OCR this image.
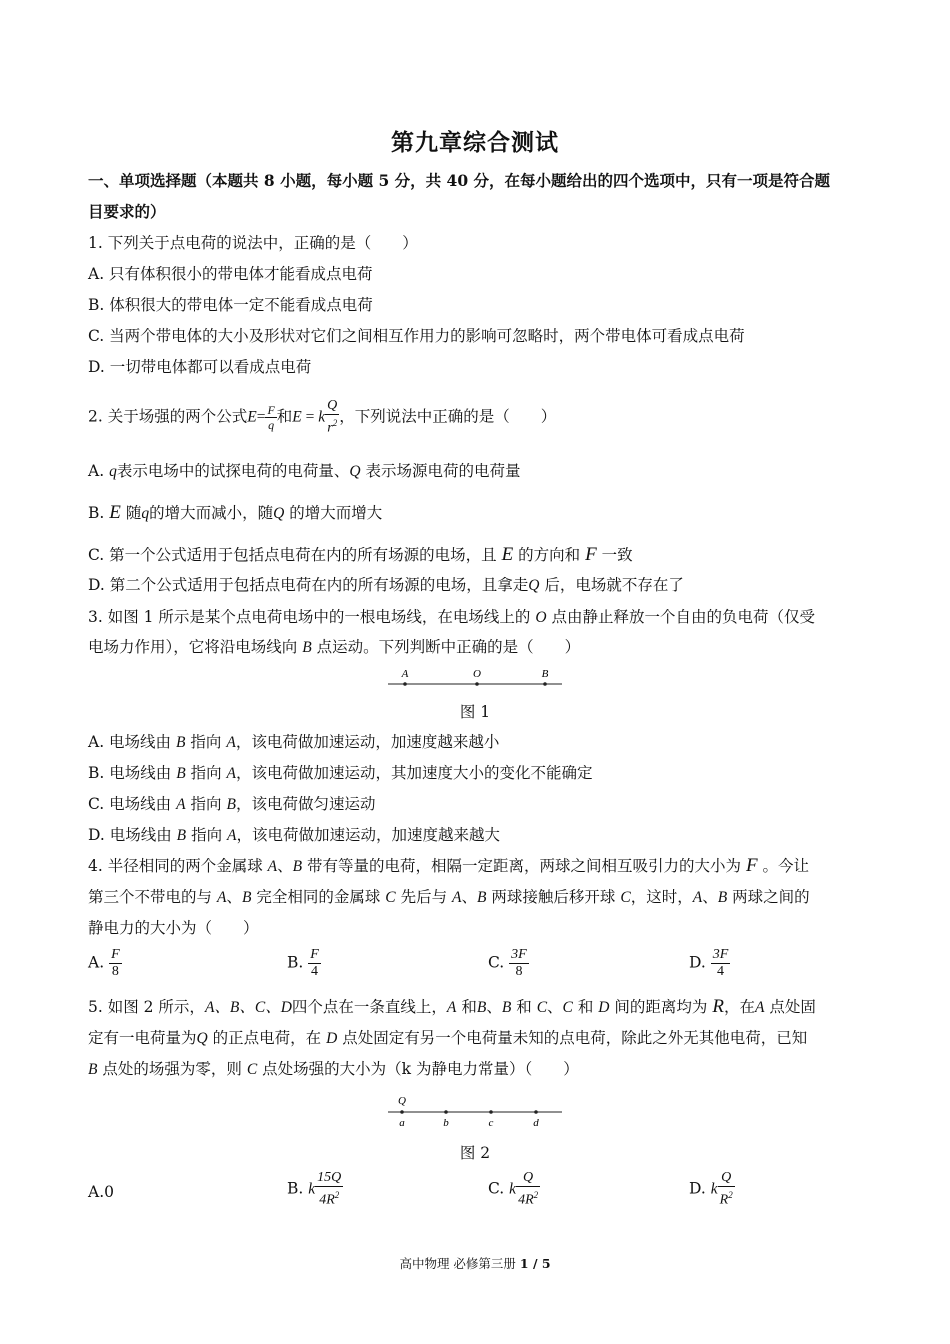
第九章综合测试
一、单项选择题（本题共 8 小题，每小题 5 分，共 40 分，在每小题给出的四个选项中，只有一项是符合题
目要求的）
1. 下列关于点电荷的说法中，正确的是（　　）
A. 只有体积很小的带电体才能看成点电荷
B. 体积很大的带电体一定不能看成点电荷
C. 当两个带电体的大小及形状对它们之间相互作用力的影响可忽略时，两个带电体可看成点电荷
D. 一切带电体都可以看成点电荷
2. 关于场强的两个公式$E= \frac{F}{q}$ 和E = k $\frac{Q}{r^2}$ ，下列说法中正确的是（　　）
A. q表示电场中的试探电荷的电荷量、Q 表示场源电荷的电荷量
B. E 随q的增大而减小，随Q 的增大而增大
C. 第一个公式适用于包括点电荷在内的所有场源的电场，且 E 的方向和 F 一致
D. 第二个公式适用于包括点电荷在内的所有场源的电场，且拿走Q 后，电场就不存在了
3. 如图 1 所示是某个点电荷电场中的一根电场线，在电场线上的 O 点由静止释放一个自由的负电荷（仅受
电场力作用），它将沿电场线向 B 点运动。下列判断中正确的是（　　）
A	O	B
图 1
A. 电场线由 B 指向 A，该电荷做加速运动，加速度越来越小
B. 电场线由 B 指向 A，该电荷做加速运动，其加速度大小的变化不能确定
C. 电场线由 A 指向 B，该电荷做匀速运动
D. 电场线由 B 指向 A，该电荷做加速运动，加速度越来越大
4. 半径相同的两个金属球 A、B 带有等量的电荷，相隔一定距离，两球之间相互吸引力的大小为 F 。今让
第三个不带电的与 A、B 完全相同的金属球 C 先后与 A、B 两球接触后移开球 C，这时，A、B 两球之间的
静电力的大小为（　　）
A. $\frac{F}{8}$	B. $\frac{F}{4}$	C. $\frac{3F}{8}$	D. $\frac{3F}{4}$
5. 如图 2 所示，A、B、C、D四个点在一条直线上，A 和B、B 和 C、C 和 D 间的距离均为 R，在A 点处固
定有一电荷量为Q 的正点电荷，在 D 点处固定有另一个电荷量未知的点电荷，除此之外无其他电荷，已知
B 点处的场强为零，则 C 点处场强的大小为（k 为静电力常量）（　　）
Q
a	b	c	d
图 2
A.0	B. k $\frac{15Q}{4R^2}$	C. k $\frac{Q}{4R^2}$	D. k $\frac{Q}{R^2}$
高中物理 必修第三册 1 / 5
